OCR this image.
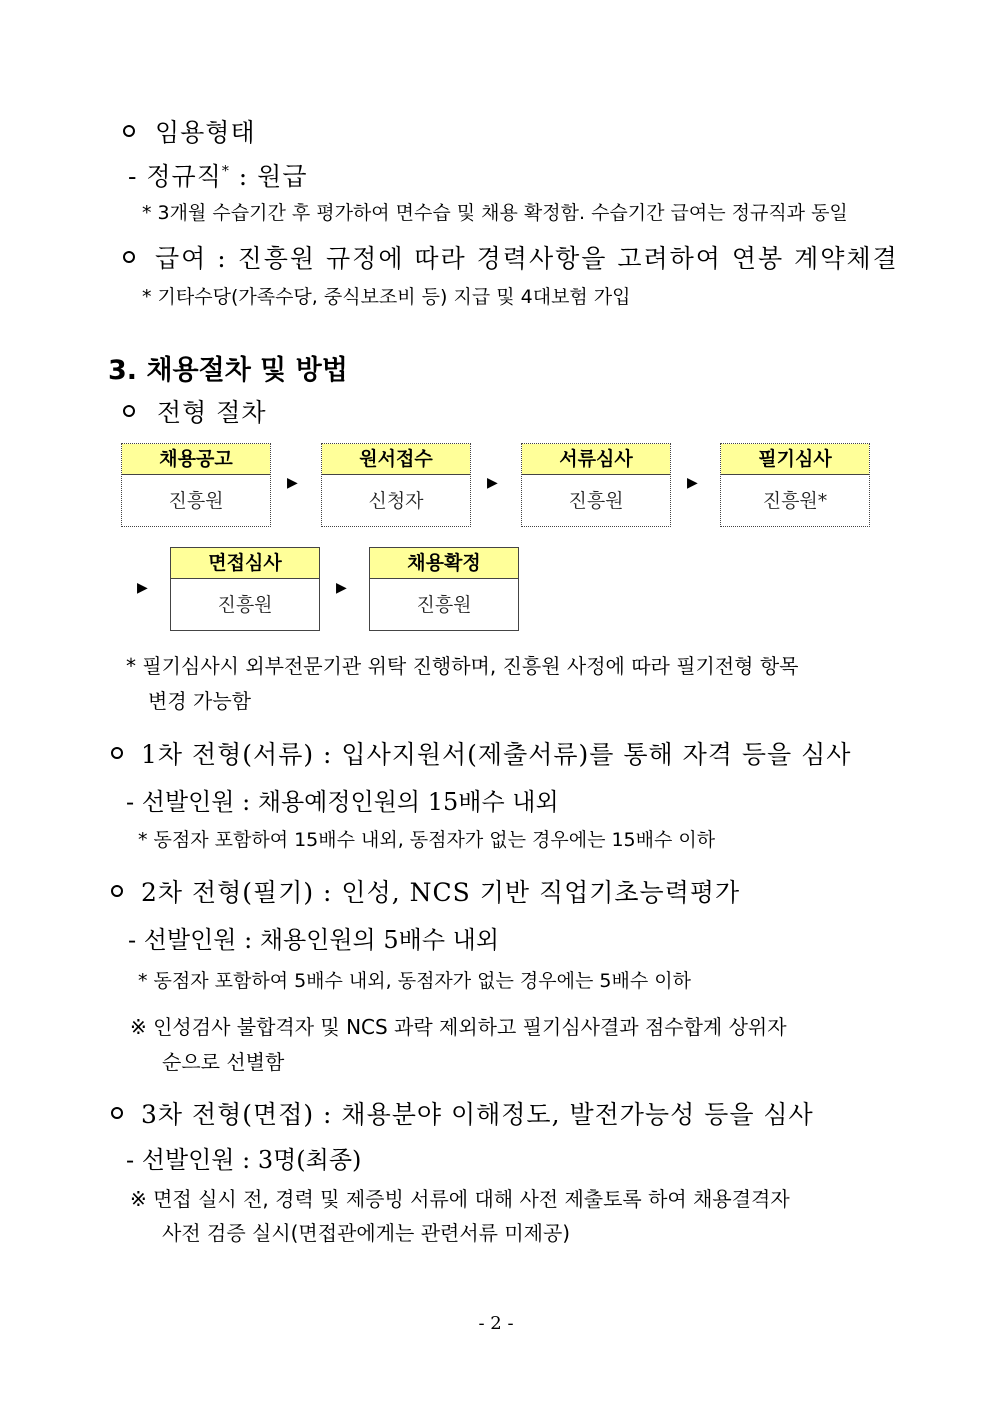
임용형태
- 정규직* : 원급
* 3개월 수습기간 후 평가하여 면수습 및 채용 확정함. 수습기간 급여는 정규직과 동일
급여 : 진흥원 규정에 따라 경력사항을 고려하여 연봉 계약체결
* 기타수당(가족수당, 중식보조비 등) 지급 및 4대보험 가입
3. 채용절차 및 방법
전형 절차
채용공고
진흥원
▶
원서접수
신청자
▶
서류심사
진흥원
▶
필기심사
진흥원*
▶
면접심사
진흥원
▶
채용확정
진흥원
* 필기심사시 외부전문기관 위탁 진행하며, 진흥원 사정에 따라 필기전형 항목
변경 가능함
1차 전형(서류) : 입사지원서(제출서류)를 통해 자격 등을 심사
- 선발인원 : 채용예정인원의 15배수 내외
* 동점자 포함하여 15배수 내외, 동점자가 없는 경우에는 15배수 이하
2차 전형(필기) : 인성, NCS 기반 직업기초능력평가
- 선발인원 : 채용인원의 5배수 내외
* 동점자 포함하여 5배수 내외, 동점자가 없는 경우에는 5배수 이하
※ 인성검사 불합격자 및 NCS 과락 제외하고 필기심사결과 점수합계 상위자
순으로 선별함
3차 전형(면접) : 채용분야 이해정도, 발전가능성 등을 심사
- 선발인원 : 3명(최종)
※ 면접 실시 전, 경력 및 제증빙 서류에 대해 사전 제출토록 하여 채용결격자
사전 검증 실시(면접관에게는 관련서류 미제공)
- 2 -
